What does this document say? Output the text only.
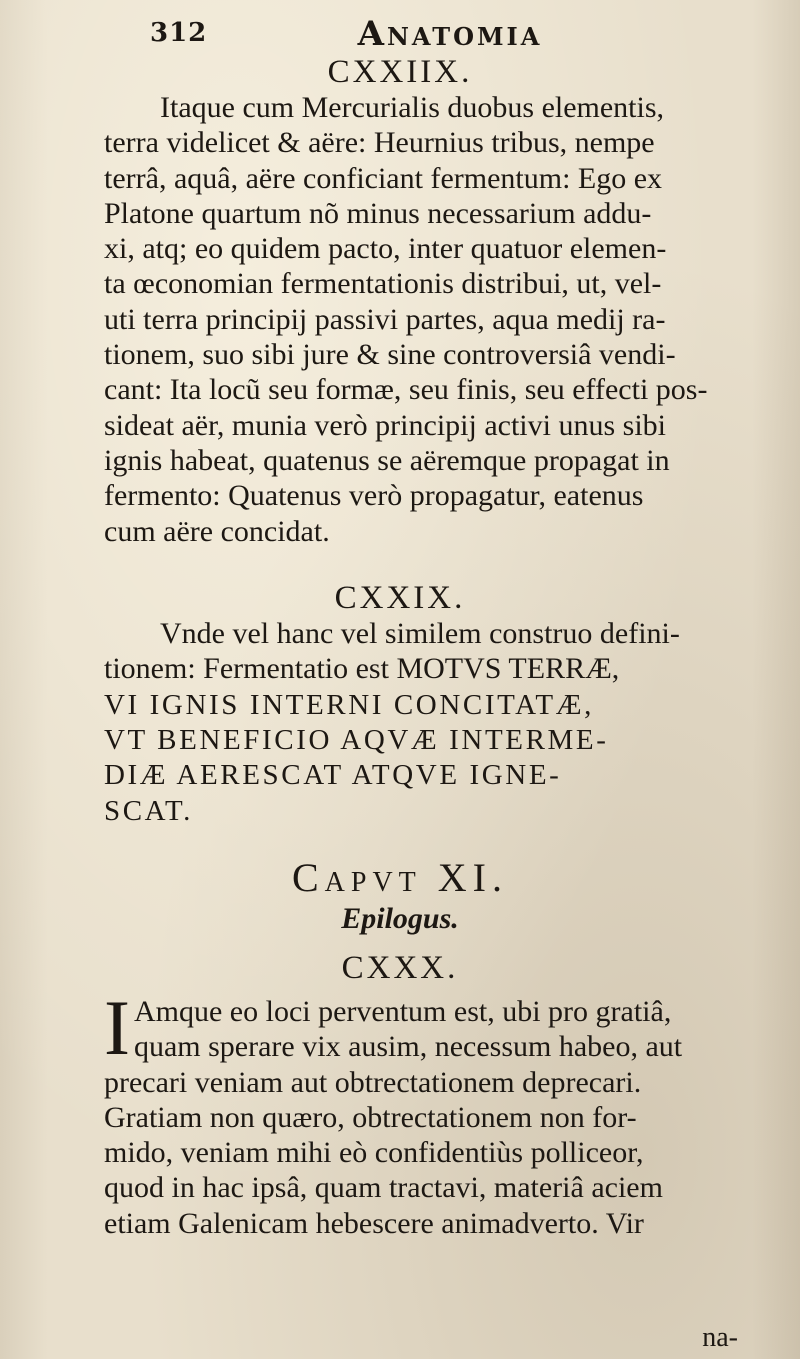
312	Anatomia
CXXIIX.
Itaque cum Mercurialis duobus elementis,
terra videlicet & aëre: Heurnius tribus, nempe
terrâ, aquâ, aëre conficiant fermentum: Ego ex
Platone quartum nõ minus necessarium addu-
xi, atq; eo quidem pacto, inter quatuor elemen-
ta œconomian fermentationis distribui, ut, vel-
uti terra principij passivi partes, aqua medij ra-
tionem, suo sibi jure & sine controversiâ vendi-
cant: Ita locũ seu formæ, seu finis, seu effecti pos-
sideat aër, munia verò principij activi unus sibi
ignis habeat, quatenus se aëremque propagat in
fermento: Quatenus verò propagatur, eatenus
cum aëre concidat.
CXXIX.
Vnde vel hanc vel similem construo defini-
tionem: Fermentatio est MOTVS TERRÆ,
VI IGNIS INTERNI CONCITATÆ,
VT BENEFICIO AQVÆ INTERME-
DIÆ AERESCAT ATQVE IGNE-
SCAT.
Capvt XI.
Epilogus.
CXXX.
I Amque eo loci perventum est, ubi pro gratiâ,
quam sperare vix ausim, necessum habeo, aut
precari veniam aut obtrectationem deprecari.
Gratiam non quæro, obtrectationem non for-
mido, veniam mihi eò confidentiùs polliceor,
quod in hac ipsâ, quam tractavi, materiâ aciem
etiam Galenicam hebescere animadverto. Vir
na-
